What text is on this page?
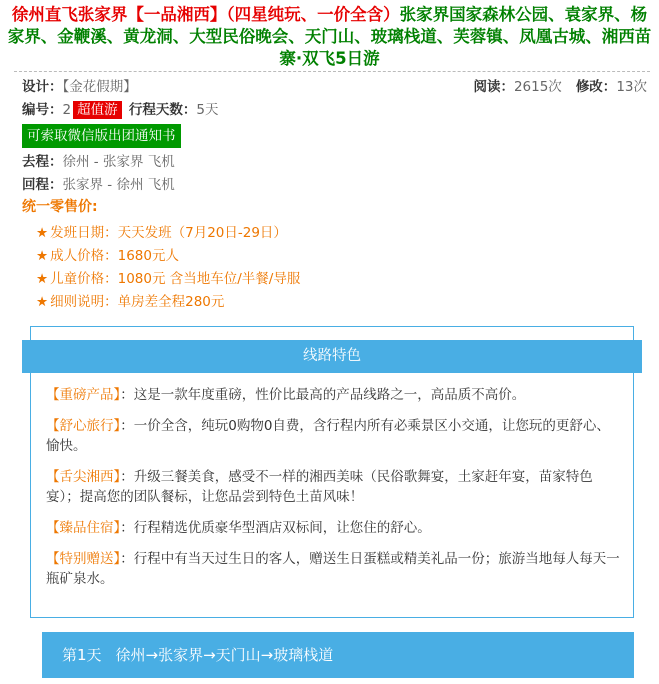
徐州直飞张家界【一品湘西】（四星纯玩、一价全含）张家界国家森林公园、袁家界、杨家界、金鞭溪、黄龙洞、大型民俗晚会、天门山、玻璃栈道、芙蓉镇、凤凰古城、湘西苗寨·双飞5日游
设计：【金花假期】	阅读：2615次 修改：13次
编号：2 超值游 行程天数：5天
可索取微信版出团通知书
去程：徐州 - 张家界 飞机
回程：张家界 - 徐州 飞机
统一零售价:
★ 发班日期：天天发班（7月20日-29日）
★ 成人价格：1680元人
★ 儿童价格：1080元 含当地车位/半餐/导服
★ 细则说明：单房差全程280元
线路特色
【重磅产品】：这是一款年度重磅，性价比最高的产品线路之一，高品质不高价。
【舒心旅行】：一价全含，纯玩0购物0自费，含行程内所有必乘景区小交通，让您玩的更舒心、愉快。
【舌尖湘西】：升级三餐美食，感受不一样的湘西美味（民俗歌舞宴，土家赶年宴，苗家特色宴）；提高您的团队餐标，让您品尝到特色土苗风味！
【臻品住宿】：行程精选优质豪华型酒店双标间，让您住的舒心。
【特别赠送】：行程中有当天过生日的客人，赠送生日蛋糕或精美礼品一份；旅游当地每人每天一瓶矿泉水。
第1天 徐州→张家界→天门山→玻璃栈道
